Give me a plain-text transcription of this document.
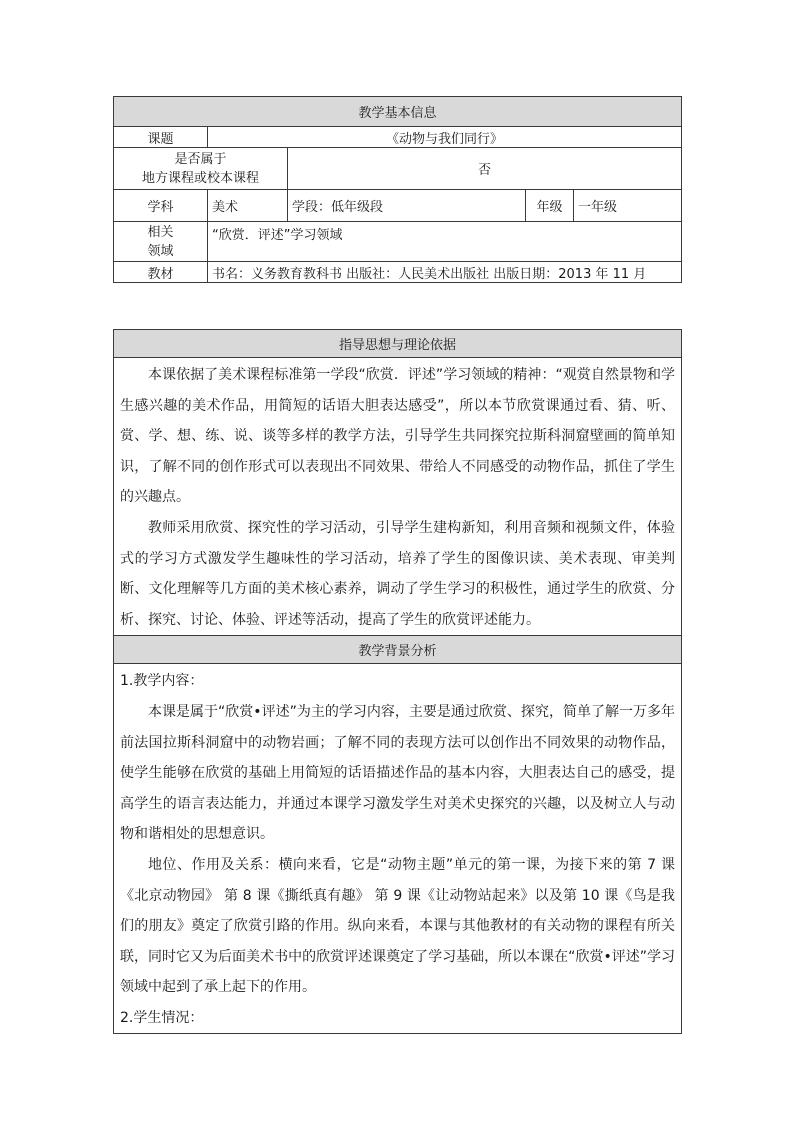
教学基本信息				
课题	《动物与我们同行》			

是否属于
地方课程或校本课程		否		
学科	美术	学段：低年级段	年级	一年级

相关
领域	“欣赏．评述”学习领域			
教材	书名：义务教育教科书 出版社：人民美术出版社 出版日期：2013 年 11 月			
指导思想与理论依据

本课依据了美术课程标准第一学段“欣赏．评述”学习领域的精神：“观赏自然景物和学生感兴趣的美术作品，用简短的话语大胆表达感受”，所以本节欣赏课通过看、猜、听、赏、学、想、练、说、谈等多样的教学方法，引导学生共同探究拉斯科洞窟壁画的简单知识，了解不同的创作形式可以表现出不同效果、带给人不同感受的动物作品，抓住了学生的兴趣点。

教师采用欣赏、探究性的学习活动，引导学生建构新知，利用音频和视频文件，体验式的学习方式激发学生趣味性的学习活动，培养了学生的图像识读、美术表现、审美判断、文化理解等几方面的美术核心素养，调动了学生学习的积极性，通过学生的欣赏、分析、探究、讨论、体验、评述等活动，提高了学生的欣赏评述能力。

教学背景分析

1.教学内容：

本课是属于“欣赏•评述”为主的学习内容，主要是通过欣赏、探究，简单了解一万多年前法国拉斯科洞窟中的动物岩画；了解不同的表现方法可以创作出不同效果的动物作品，使学生能够在欣赏的基础上用简短的话语描述作品的基本内容，大胆表达自己的感受，提高学生的语言表达能力，并通过本课学习激发学生对美术史探究的兴趣，以及树立人与动物和谐相处的思想意识。

地位、作用及关系：横向来看，它是“动物主题”单元的第一课，为接下来的第 7 课《北京动物园》 第 8 课《撕纸真有趣》 第 9 课《让动物站起来》以及第 10 课《鸟是我们的朋友》奠定了欣赏引路的作用。纵向来看，本课与其他教材的有关动物的课程有所关联，同时它又为后面美术书中的欣赏评述课奠定了学习基础，所以本课在“欣赏•评述”学习领域中起到了承上起下的作用。

2.学生情况：
